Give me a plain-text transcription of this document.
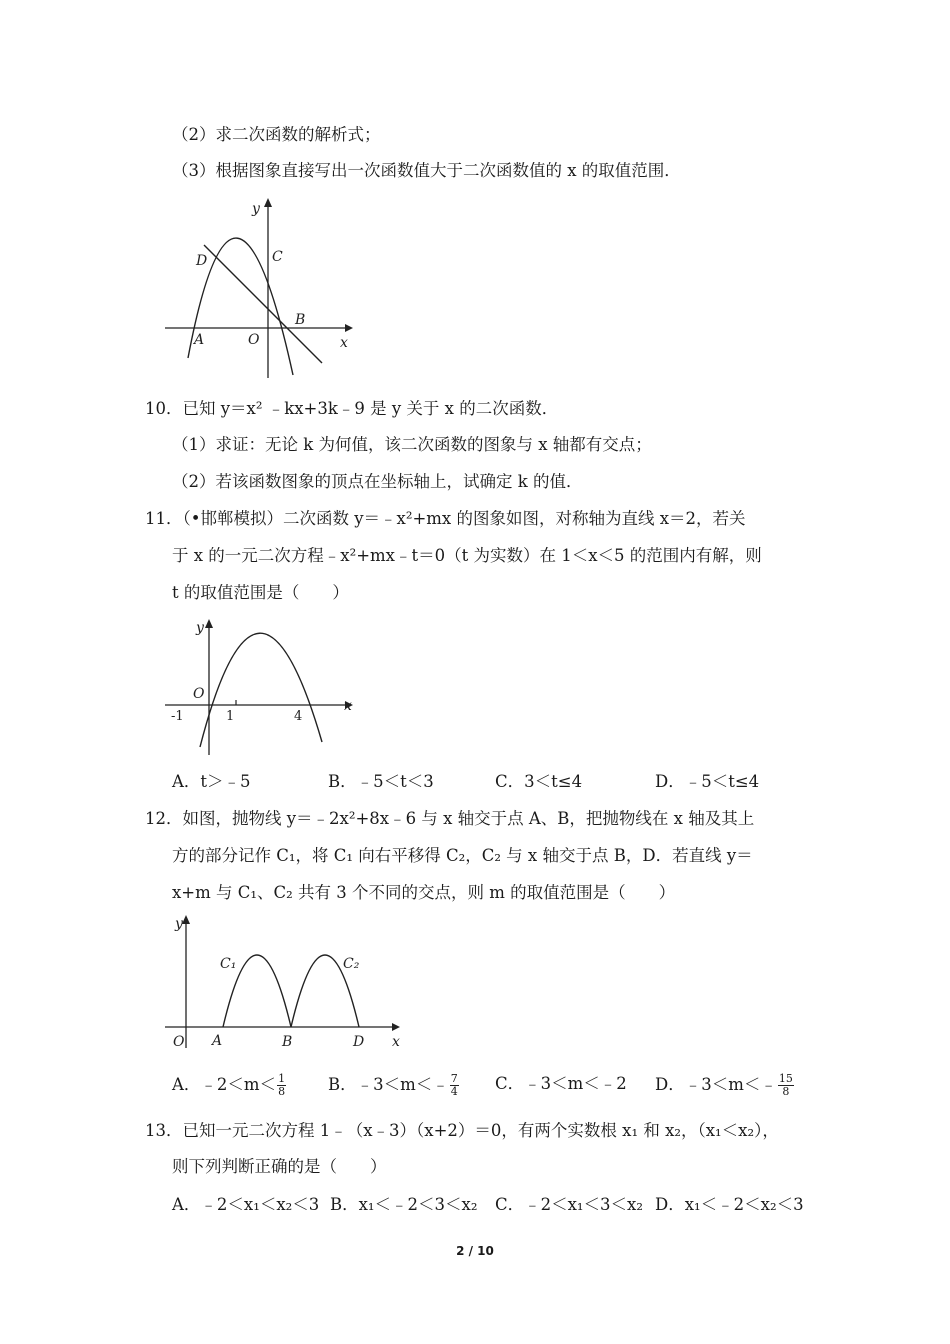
（2）求二次函数的解析式；
（3）根据图象直接写出一次函数值大于二次函数值的 x 的取值范围．
y
x
D	C
B
A	O
10．已知 y＝x² ﹣kx+3k﹣9 是 y 关于 x 的二次函数．
（1）求证：无论 k 为何值，该二次函数的图象与 x 轴都有交点；
（2）若该函数图象的顶点在坐标轴上，试确定 k 的值．
11．（•邯郸模拟）二次函数 y＝﹣x²+mx 的图象如图，对称轴为直线 x＝2，若关
于 x 的一元二次方程﹣x²+mx﹣t＝0（t 为实数）在 1＜x＜5 的范围内有解，则
t 的取值范围是（　　）
y
x
O
-1	1	4
A．t＞﹣5	B．﹣5＜t＜3	C．3＜t≤4	D．﹣5＜t≤4
12．如图，抛物线 y＝﹣2x²+8x﹣6 与 x 轴交于点 A、B，把抛物线在 x 轴及其上
方的部分记作 C₁，将 C₁ 向右平移得 C₂，C₂ 与 x 轴交于点 B，D．若直线 y＝
x+m 与 C₁、C₂ 共有 3 个不同的交点，则 m 的取值范围是（　　）
y
x
O A	B	D
C₁	C₂
A．﹣2＜m＜ $\frac{1}{8}$	B．﹣3＜m＜﹣ $\frac{7}{4}$ C．﹣3＜m＜﹣2 D．﹣3＜m＜﹣ $\frac{15}{8}$
13．已知一元二次方程 1﹣（x﹣3）（x+2）＝0，有两个实数根 x₁ 和 x₂，（x₁＜x₂），
则下列判断正确的是（　　）
A．﹣2＜x₁＜x₂＜3 B．x₁＜﹣2＜3＜x₂ C．﹣2＜x₁＜3＜x₂ D．x₁＜﹣2＜x₂＜3
2 / 10
